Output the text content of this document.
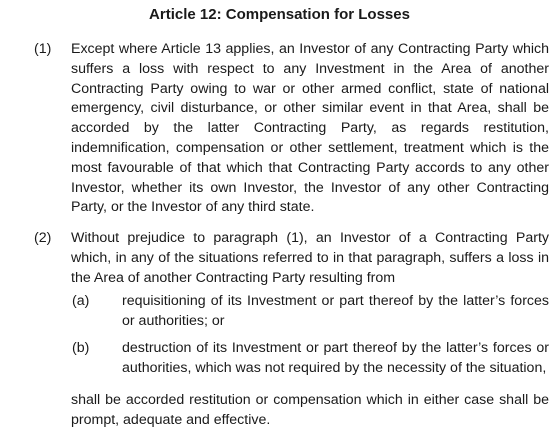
Article 12: Compensation for Losses
(1) Except where Article 13 applies, an Investor of any Contracting Party which suffers a loss with respect to any Investment in the Area of another Contracting Party owing to war or other armed conflict, state of national emergency, civil disturbance, or other similar event in that Area, shall be accorded by the latter Contracting Party, as regards restitution, indemnification, compensation or other settlement, treatment which is the most favourable of that which that Contracting Party accords to any other Investor, whether its own Investor, the Investor of any other Contracting Party, or the Investor of any third state.
(2) Without prejudice to paragraph (1), an Investor of a Contracting Party which, in any of the situations referred to in that paragraph, suffers a loss in the Area of another Contracting Party resulting from
(a) requisitioning of its Investment or part thereof by the latter’s forces or authorities; or
(b) destruction of its Investment or part thereof by the latter’s forces or authorities, which was not required by the necessity of the situation,
shall be accorded restitution or compensation which in either case shall be prompt, adequate and effective.
